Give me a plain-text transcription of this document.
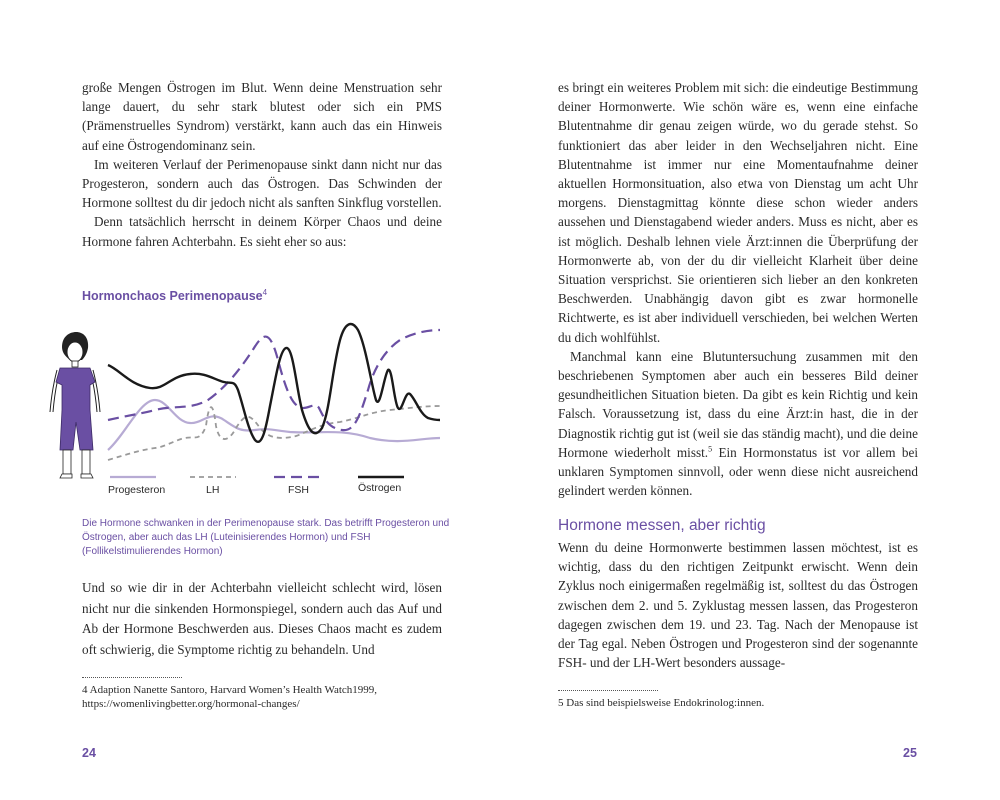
große Mengen Östrogen im Blut. Wenn deine Menstruation sehr lange dauert, du sehr stark blutest oder sich ein PMS (Prämenstruelles Syndrom) verstärkt, kann auch das ein Hinweis auf eine Östrogendominanz sein.

Im weiteren Verlauf der Perimenopause sinkt dann nicht nur das Progesteron, sondern auch das Östrogen. Das Schwinden der Hormone solltest du dir jedoch nicht als sanften Sinkflug vorstellen.

Denn tatsächlich herrscht in deinem Körper Chaos und deine Hormone fahren Achterbahn. Es sieht eher so aus:

Hormonchaos Perimenopause$^4$
Progesteron	LH	FSH	Östrogen
Die Hormone schwanken in der Perimenopause stark. Das betrifft Progesteron und Östrogen, aber auch das LH (Luteinisierendes Hormon) und FSH (Follikelstimulierendes Hormon)

Und so wie dir in der Achterbahn vielleicht schlecht wird, lösen nicht nur die sinkenden Hormonspiegel, sondern auch das Auf und Ab der Hormone Beschwerden aus. Dieses Chaos macht es zudem oft schwierig, die Symptome richtig zu behandeln. Und

4 Adaption Nanette Santoro, Harvard Women’s Health Watch1999,
https://womenlivingbetter.org/hormonal-changes/
24

es bringt ein weiteres Problem mit sich: die eindeutige Bestimmung deiner Hormonwerte. Wie schön wäre es, wenn eine einfache Blutentnahme dir genau zeigen würde, wo du gerade stehst. So funktioniert das aber leider in den Wechseljahren nicht. Eine Blutentnahme ist immer nur eine Momentaufnahme deiner aktuellen Hormonsituation, also etwa von Dienstag um acht Uhr morgens. Dienstagmittag könnte diese schon wieder anders aussehen und Dienstagabend wieder anders. Muss es nicht, aber es ist möglich. Deshalb lehnen viele Ärzt:innen die Überprüfung der Hormonwerte ab, von der du dir vielleicht Klarheit über deine Situation versprichst. Sie orientieren sich lieber an den konkreten Beschwerden. Unabhängig davon gibt es zwar hormonelle Richtwerte, es ist aber individuell verschieden, bei welchen Werten du dich wohlfühlst.

Manchmal kann eine Blutuntersuchung zusammen mit den beschriebenen Symptomen aber auch ein besseres Bild deiner gesundheitlichen Situation bieten. Da gibt es kein Richtig und kein Falsch. Voraussetzung ist, dass du eine Ärzt:in hast, die in der Diagnostik richtig gut ist (weil sie das ständig macht), und die deine Hormone wiederholt misst.$^5$ Ein Hormonstatus ist vor allem bei unklaren Symptomen sinnvoll, oder wenn diese nicht ausreichend gelindert werden können.

Hormone messen, aber richtig

Wenn du deine Hormonwerte bestimmen lassen möchtest, ist es wichtig, dass du den richtigen Zeitpunkt erwischt. Wenn dein Zyklus noch einigermaßen regelmäßig ist, solltest du das Östrogen zwischen dem 2. und 5. Zyklustag messen lassen, das Progesteron dagegen zwischen dem 19. und 23. Tag. Nach der Menopause ist der Tag egal. Neben Östrogen und Progesteron sind der sogenannte FSH- und der LH-Wert besonders aussage-

5 Das sind beispielsweise Endokrinolog:innen.
25
